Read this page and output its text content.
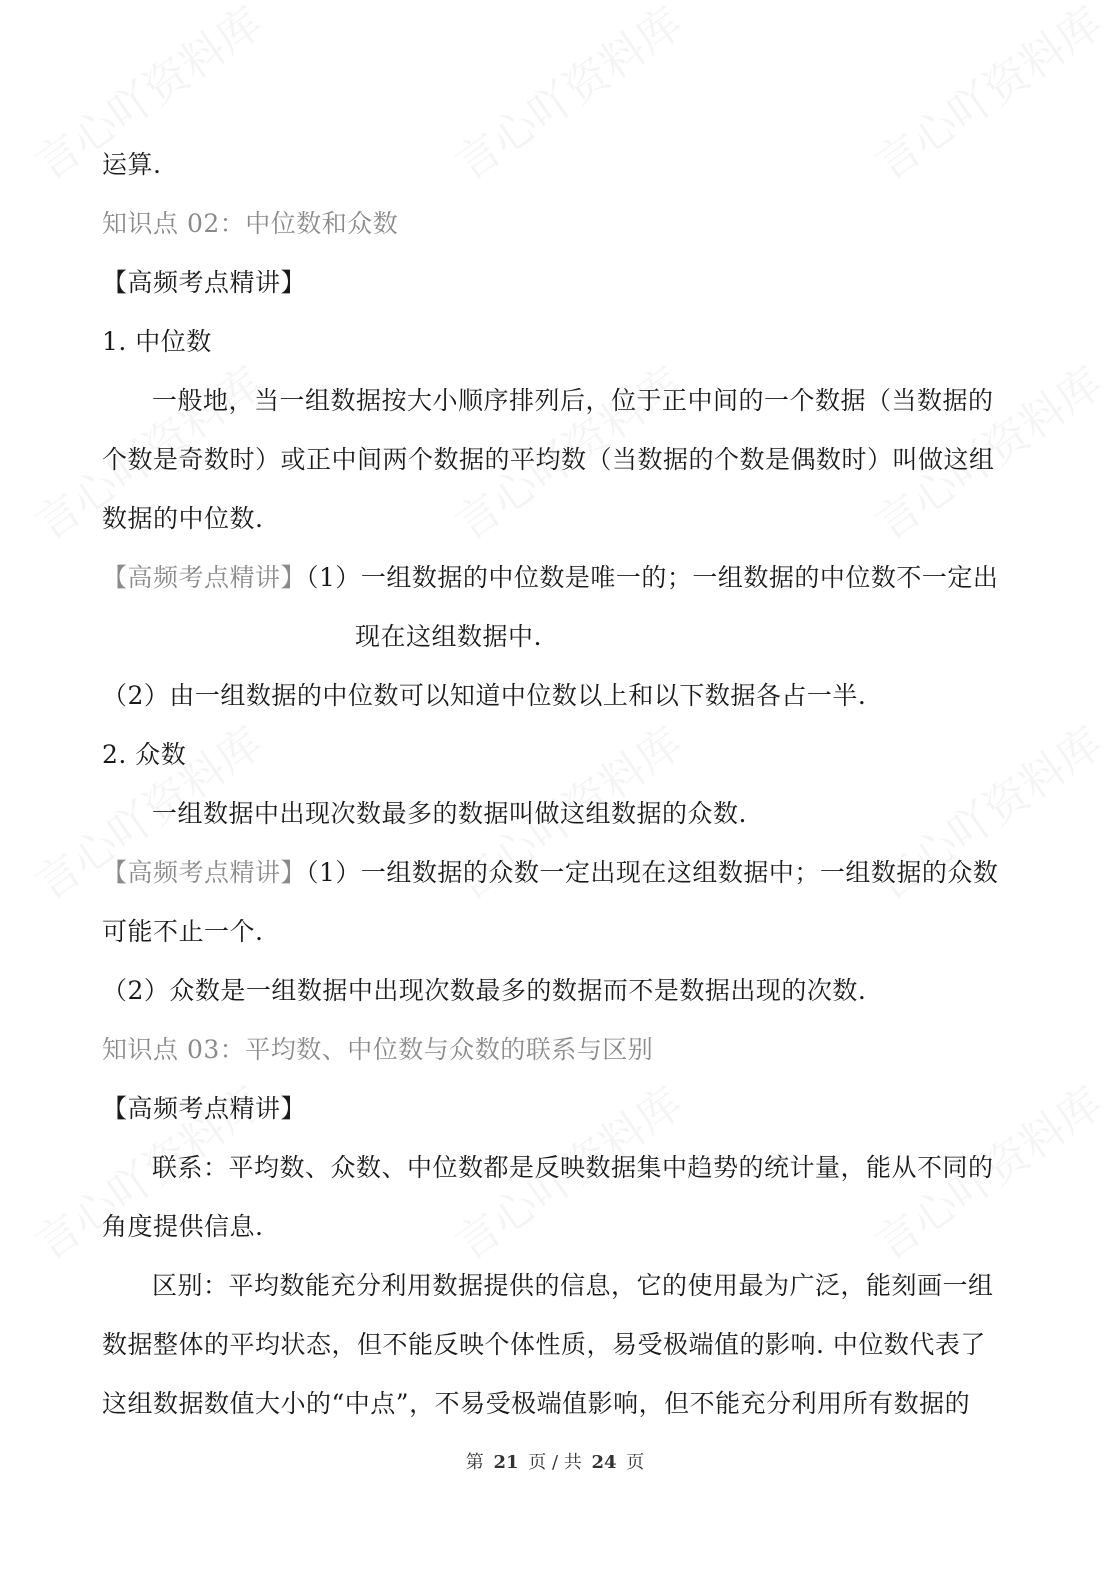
运算.
知识点 02：中位数和众数
【高频考点精讲】
1. 中位数
一般地，当一组数据按大小顺序排列后，位于正中间的一个数据（当数据的
个数是奇数时）或正中间两个数据的平均数（当数据的个数是偶数时）叫做这组
数据的中位数.
【高频考点精讲】（1）一组数据的中位数是唯一的；一组数据的中位数不一定出
现在这组数据中.
（2）由一组数据的中位数可以知道中位数以上和以下数据各占一半.
2. 众数
一组数据中出现次数最多的数据叫做这组数据的众数.
【高频考点精讲】（1）一组数据的众数一定出现在这组数据中；一组数据的众数
可能不止一个.
（2）众数是一组数据中出现次数最多的数据而不是数据出现的次数.
知识点 03：平均数、中位数与众数的联系与区别
【高频考点精讲】
联系：平均数、众数、中位数都是反映数据集中趋势的统计量，能从不同的
角度提供信息.
区别：平均数能充分利用数据提供的信息，它的使用最为广泛，能刻画一组
数据整体的平均状态，但不能反映个体性质，易受极端值的影响. 中位数代表了
这组数据数值大小的“中点”，不易受极端值影响，但不能充分利用所有数据的
第 21 页 / 共 24 页
